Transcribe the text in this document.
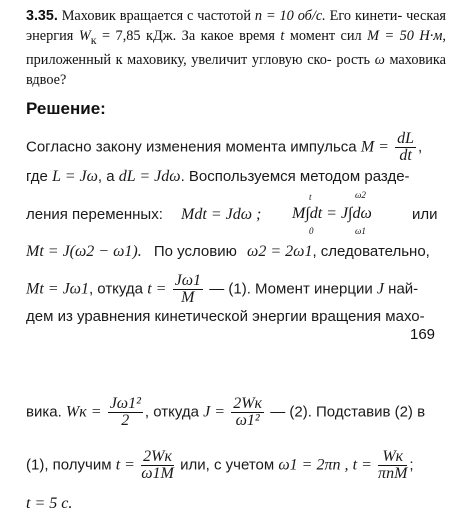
3.35. Маховик вращается с частотой n = 10 об/с. Его кинети- ческая энергия $W_к = 7,85$ кДж. За какое время t момент сил M = 50 Н·м, приложенный к маховику, увеличит угловую ско- рость ω маховика вдвое?
Решение:
Согласно закону изменения момента импульса $M = \frac{dL}{dt}$ ,
где L = Jω, а dL = Jdω. Воспользуемся методом разде-
ления переменных: Mdt = Jdω ; M∫dt = J∫dω
t
0
ω2
ω1
или
Mt = J(ω2 − ω1). По условию ω2 = 2ω1, следовательно,
Mt = Jω1, откуда $t = \frac{J\omega 1}{M}$ — (1). Момент инерции J най-
дем из уравнения кинетической энергии вращения махо-
169
вика. Wк = $\frac{\text{Jω1²}}{2}$ , откуда $J = \frac{2Wк}{\text{ω1²}}$ — (2). Подставив (2) в
(1), получим $t = \frac{2Wк}{\omega 1M}$ или, с учетом ω1 = 2πn , $t = \frac{Wк}{\text{πnM}}$ ;
t = 5 с.
